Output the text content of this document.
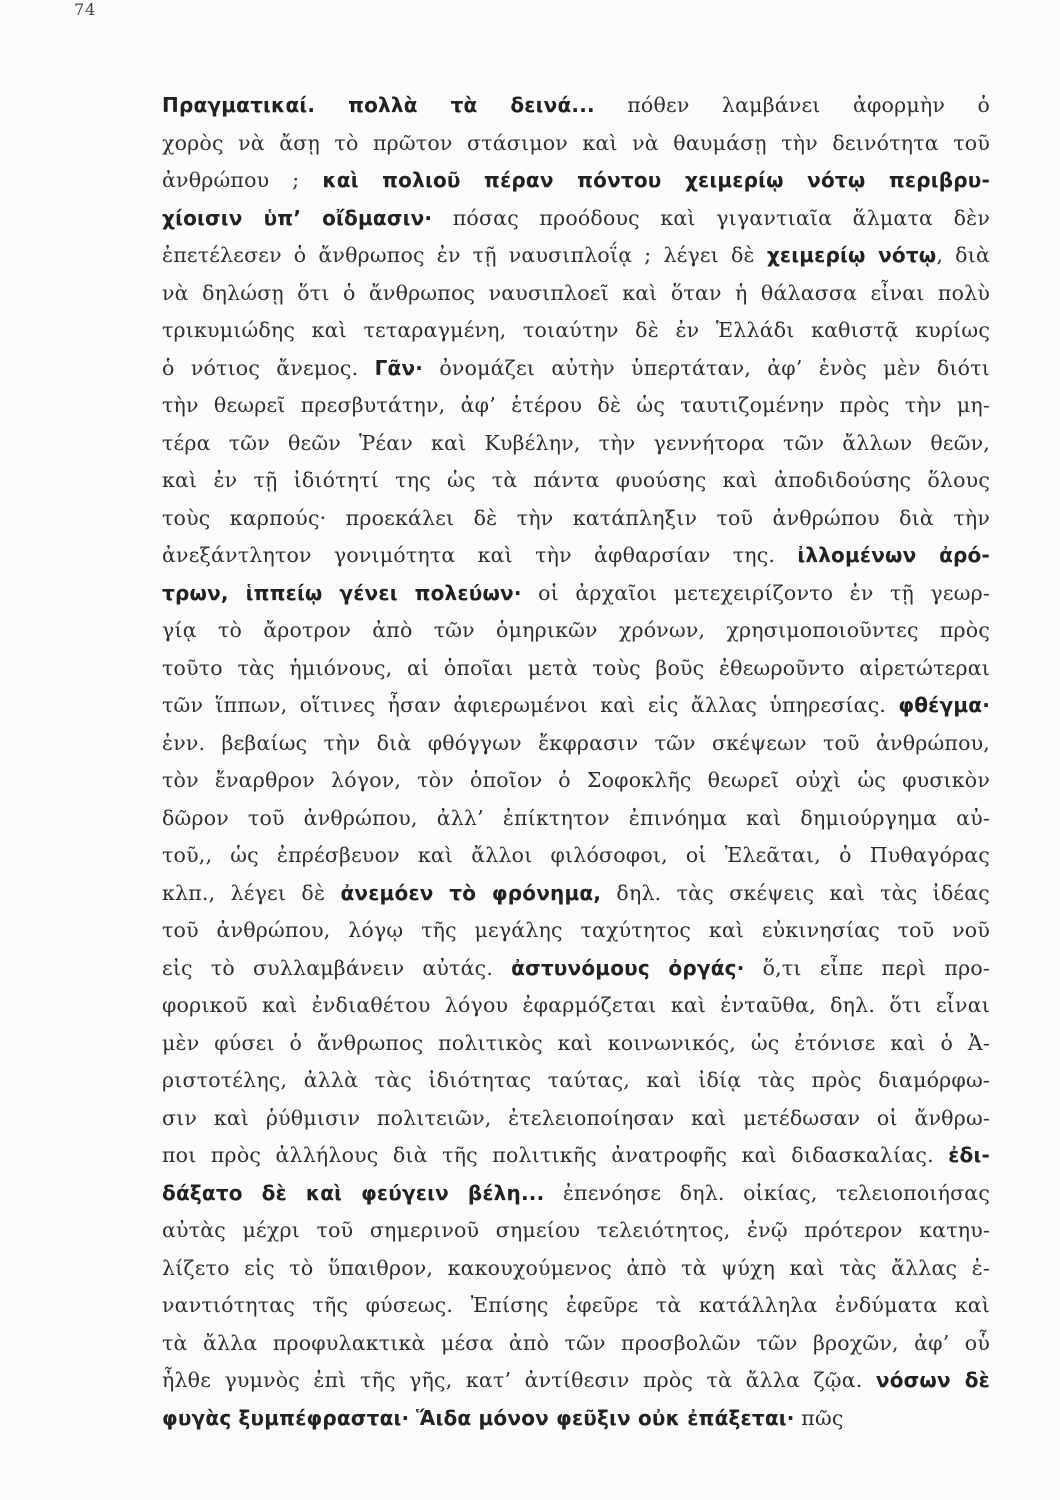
74
Πραγματικαί. πολλὰ τὰ δεινά... πόθεν λαμβάνει ἀφορμὴν ὁ
χορὸς νὰ ἄσῃ τὸ πρῶτον στάσιμον καὶ νὰ θαυμάσῃ τὴν δεινότητα τοῦ
ἀνθρώπου ; καὶ πολιοῦ πέραν πόντου χειμερίῳ νότῳ περιβρυ-
χίοισιν ὑπ’ οἴδμασιν· πόσας προόδους καὶ γιγαντιαῖα ἅλματα δὲν
ἐπετέλεσεν ὁ ἄνθρωπος ἐν τῇ ναυσιπλοΐᾳ ; λέγει δὲ χειμερίῳ νότῳ, διὰ
νὰ δηλώσῃ ὅτι ὁ ἄνθρωπος ναυσιπλοεῖ καὶ ὅταν ἡ θάλασσα εἶναι πολὺ
τρικυμιώδης καὶ τεταραγμένη, τοιαύτην δὲ ἐν Ἑλλάδι καθιστᾷ κυρίως
ὁ νότιος ἄνεμος. Γᾶν· ὀνομάζει αὐτὴν ὑπερτάταν, ἀφ’ ἑνὸς μὲν διότι
τὴν θεωρεῖ πρεσβυτάτην, ἀφ’ ἑτέρου δὲ ὡς ταυτιζομένην πρὸς τὴν μη-
τέρα τῶν θεῶν Ῥέαν καὶ Κυβέλην, τὴν γεννήτορα τῶν ἄλλων θεῶν,
καὶ ἐν τῇ ἰδιότητί της ὡς τὰ πάντα φυούσης καὶ ἀποδιδούσης ὅλους
τοὺς καρπούς· προεκάλει δὲ τὴν κατάπληξιν τοῦ ἀνθρώπου διὰ τὴν
ἀνεξάντλητον γονιμότητα καὶ τὴν ἀφθαρσίαν της. ἰλλομένων ἀρό-
τρων, ἱππείῳ γένει πολεύων· οἱ ἀρχαῖοι μετεχειρίζοντο ἐν τῇ γεωρ-
γίᾳ τὸ ἄροτρον ἀπὸ τῶν ὁμηρικῶν χρόνων, χρησιμοποιοῦντες πρὸς
τοῦτο τὰς ἡμιόνους, αἱ ὁποῖαι μετὰ τοὺς βοῦς ἐθεωροῦντο αἱρετώτεραι
τῶν ἵππων, οἵτινες ἦσαν ἀφιερωμένοι καὶ εἰς ἄλλας ὑπηρεσίας. φθέγμα·
ἐνν. βεβαίως τὴν διὰ φθόγγων ἔκφρασιν τῶν σκέψεων τοῦ ἀνθρώπου,
τὸν ἔναρθρον λόγον, τὸν ὁποῖον ὁ Σοφοκλῆς θεωρεῖ οὐχὶ ὡς φυσικὸν
δῶρον τοῦ ἀνθρώπου, ἀλλ’ ἐπίκτητον ἐπινόημα καὶ δημιούργημα αὐ-
τοῦ,, ὡς ἐπρέσβευον καὶ ἄλλοι φιλόσοφοι, οἱ Ἐλεᾶται, ὁ Πυθαγόρας
κλπ., λέγει δὲ ἀνεμόεν τὸ φρόνημα, δηλ. τὰς σκέψεις καὶ τὰς ἰδέας
τοῦ ἀνθρώπου, λόγῳ τῆς μεγάλης ταχύτητος καὶ εὐκινησίας τοῦ νοῦ
εἰς τὸ συλλαμβάνειν αὐτάς. ἀστυνόμους ὀργάς· ὅ,τι εἶπε περὶ προ-
φορικοῦ καὶ ἐνδιαθέτου λόγου ἐφαρμόζεται καὶ ἐνταῦθα, δηλ. ὅτι εἶναι
μὲν φύσει ὁ ἄνθρωπος πολιτικὸς καὶ κοινωνικός, ὡς ἐτόνισε καὶ ὁ Ἀ-
ριστοτέλης, ἀλλὰ τὰς ἰδιότητας ταύτας, καὶ ἰδίᾳ τὰς πρὸς διαμόρφω-
σιν καὶ ῥύθμισιν πολιτειῶν, ἐτελειοποίησαν καὶ μετέδωσαν οἱ ἄνθρω-
ποι πρὸς ἀλλήλους διὰ τῆς πολιτικῆς ἀνατροφῆς καὶ διδασκαλίας. ἐδι-
δάξατο δὲ καὶ φεύγειν βέλη... ἐπενόησε δηλ. οἰκίας, τελειοποιήσας
αὐτὰς μέχρι τοῦ σημερινοῦ σημείου τελειότητος, ἐνῷ πρότερον κατηυ-
λίζετο εἰς τὸ ὕπαιθρον, κακουχούμενος ἀπὸ τὰ ψύχη καὶ τὰς ἄλλας ἐ-
ναντιότητας τῆς φύσεως. Ἐπίσης ἐφεῦρε τὰ κατάλληλα ἐνδύματα καὶ
τὰ ἄλλα προφυλακτικὰ μέσα ἀπὸ τῶν προσβολῶν τῶν βροχῶν, ἀφ’ οὗ
ἦλθε γυμνὸς ἐπὶ τῆς γῆς, κατ’ ἀντίθεσιν πρὸς τὰ ἄλλα ζῷα. νόσων δὲ
φυγὰς ξυμπέφρασται· Ἅιδα μόνον φεῦξιν οὐκ ἐπάξεται· πῶς
